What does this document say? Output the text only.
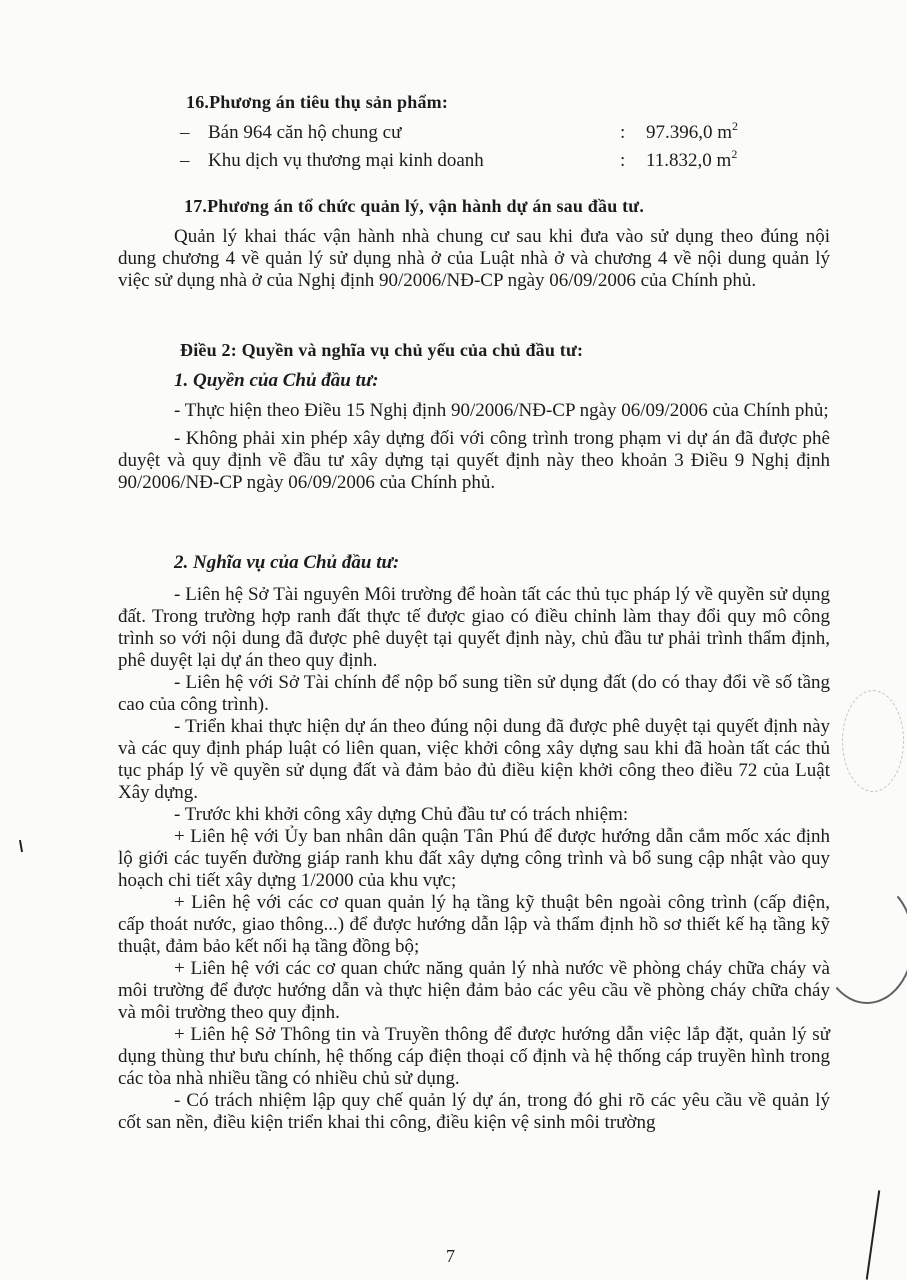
16.Phương án tiêu thụ sản phẩm:
– Bán 964 căn hộ chung cư	: 97.396,0 $m^2$
– Khu dịch vụ thương mại kinh doanh	: 11.832,0 $m^2$
17.Phương án tổ chức quản lý, vận hành dự án sau đầu tư.

Quản lý khai thác vận hành nhà chung cư sau khi đưa vào sử dụng theo đúng nội dung chương 4 về quản lý sử dụng nhà ở của Luật nhà ở và chương 4 về nội dung quản lý việc sử dụng nhà ở của Nghị định 90/2006/NĐ-CP ngày 06/09/2006 của Chính phủ.

Điều 2: Quyền và nghĩa vụ chủ yếu của chủ đầu tư:
1. Quyền của Chủ đầu tư:

- Thực hiện theo Điều 15 Nghị định 90/2006/NĐ-CP ngày 06/09/2006 của Chính phủ;

- Không phải xin phép xây dựng đối với công trình trong phạm vi dự án đã được phê duyệt và quy định về đầu tư xây dựng tại quyết định này theo khoản 3 Điều 9 Nghị định 90/2006/NĐ-CP ngày 06/09/2006 của Chính phủ.

2. Nghĩa vụ của Chủ đầu tư:

- Liên hệ Sở Tài nguyên Môi trường để hoàn tất các thủ tục pháp lý về quyền sử dụng đất. Trong trường hợp ranh đất thực tế được giao có điều chỉnh làm thay đổi quy mô công trình so với nội dung đã được phê duyệt tại quyết định này, chủ đầu tư phải trình thẩm định, phê duyệt lại dự án theo quy định.

- Liên hệ với Sở Tài chính để nộp bổ sung tiền sử dụng đất (do có thay đổi về số tầng cao của công trình).

- Triển khai thực hiện dự án theo đúng nội dung đã được phê duyệt tại quyết định này và các quy định pháp luật có liên quan, việc khởi công xây dựng sau khi đã hoàn tất các thủ tục pháp lý về quyền sử dụng đất và đảm bảo đủ điều kiện khởi công theo điều 72 của Luật Xây dựng.

- Trước khi khởi công xây dựng Chủ đầu tư có trách nhiệm:

+ Liên hệ với Ủy ban nhân dân quận Tân Phú để được hướng dẫn cắm mốc xác định lộ giới các tuyến đường giáp ranh khu đất xây dựng công trình và bổ sung cập nhật vào quy hoạch chi tiết xây dựng 1/2000 của khu vực;

+ Liên hệ với các cơ quan quản lý hạ tầng kỹ thuật bên ngoài công trình (cấp điện, cấp thoát nước, giao thông...) để được hướng dẫn lập và thẩm định hồ sơ thiết kế hạ tầng kỹ thuật, đảm bảo kết nối hạ tầng đồng bộ;

+ Liên hệ với các cơ quan chức năng quản lý nhà nước về phòng cháy chữa cháy và môi trường để được hướng dẫn và thực hiện đảm bảo các yêu cầu về phòng cháy chữa cháy và môi trường theo quy định.

+ Liên hệ Sở Thông tin và Truyền thông để được hướng dẫn việc lắp đặt, quản lý sử dụng thùng thư bưu chính, hệ thống cáp điện thoại cố định và hệ thống cáp truyền hình trong các tòa nhà nhiều tầng có nhiều chủ sử dụng.

- Có trách nhiệm lập quy chế quản lý dự án, trong đó ghi rõ các yêu cầu về quản lý cốt san nền, điều kiện triển khai thi công, điều kiện vệ sinh môi trường

7
